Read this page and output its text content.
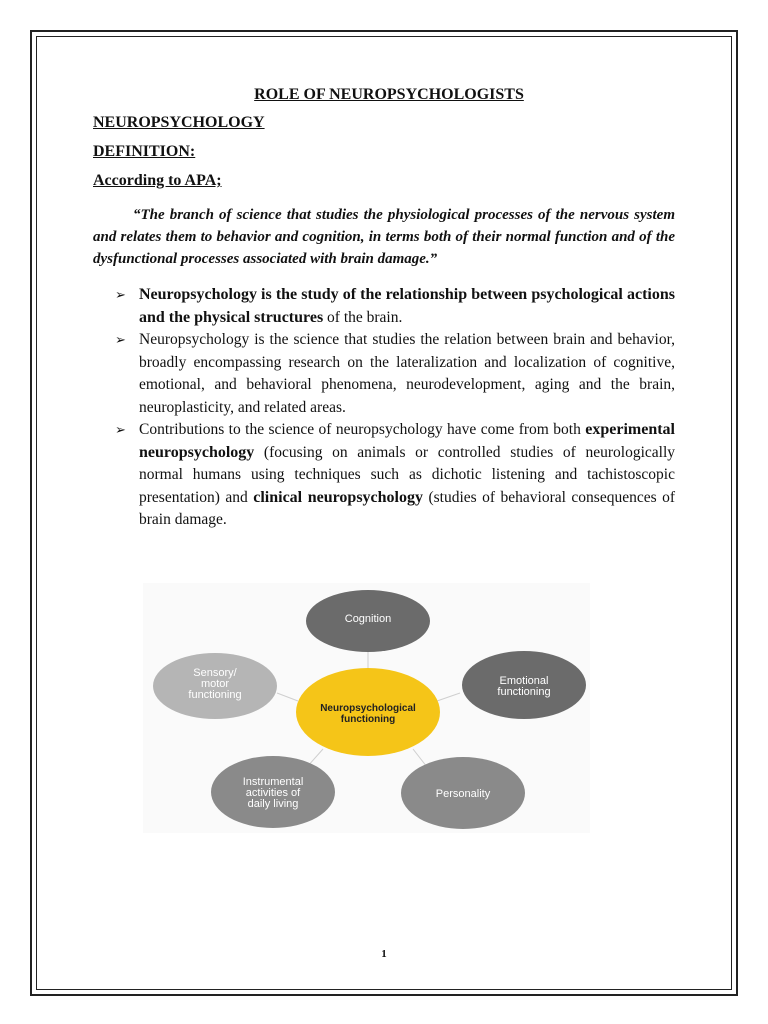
ROLE OF NEUROPSYCHOLOGISTS

NEUROPSYCHOLOGY

DEFINITION:

According to APA;

“The branch of science that studies the physiological processes of the nervous system and relates them to behavior and cognition, in terms both of their normal function and of the dysfunctional processes associated with brain damage.”

➢ Neuropsychology is the study of the relationship between psychological actions and the physical structures of the brain.
➢ Neuropsychology is the science that studies the relation between brain and behavior, broadly encompassing research on the lateralization and localization of cognitive, emotional, and behavioral phenomena, neurodevelopment, aging and the brain, neuroplasticity, and related areas.
➢ Contributions to the science of neuropsychology have come from both experimental neuropsychology (focusing on animals or controlled studies of neurologically normal humans using techniques such as dichotic listening and tachistoscopic presentation) and clinical neuropsychology (studies of behavioral consequences of brain damage.
Cognition
Emotional functioning
Personality
Instrumental activities of daily living
Sensory/ motor functioning
Neuropsychological functioning
1
